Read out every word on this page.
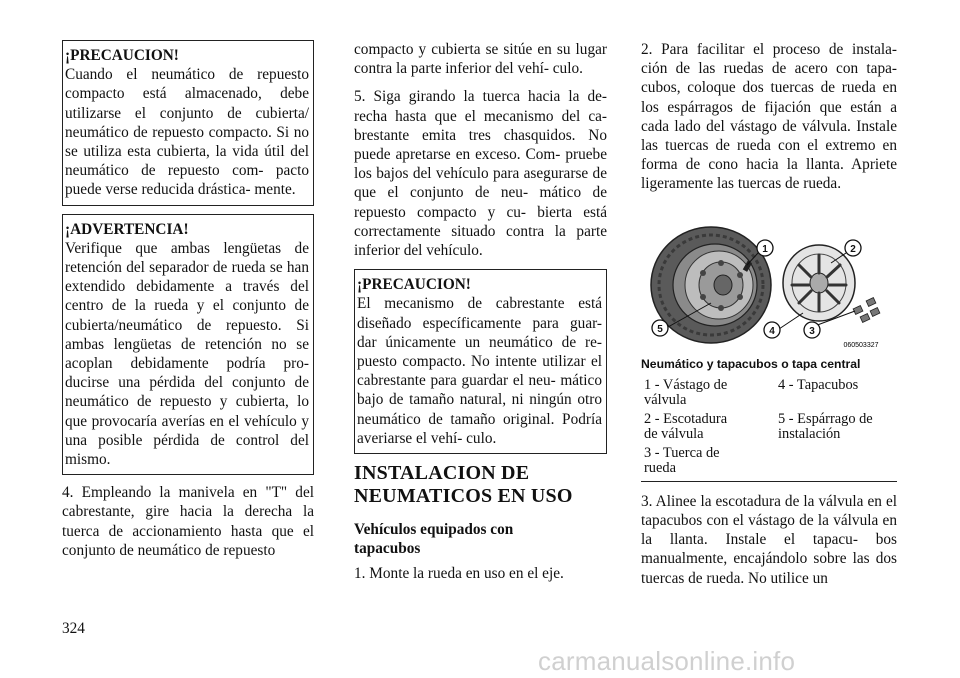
¡PRECAUCION!
Cuando el neumático de repuesto compacto está almacenado, debe utilizarse el conjunto de cubierta/ neumático de repuesto compacto. Si no se utiliza esta cubierta, la vida útil del neumático de repuesto com- pacto puede verse reducida drástica- mente.
¡ADVERTENCIA!
Verifique que ambas lengüetas de retención del separador de rueda se han extendido debidamente a través del centro de la rueda y el conjunto de cubierta/neumático de repuesto. Si ambas lengüetas de retención no se acoplan debidamente podría pro- ducirse una pérdida del conjunto de neumático de repuesto y cubierta, lo que provocaría averías en el vehículo y una posible pérdida de control del mismo.

4. Empleando la manivela en "T" del cabrestante, gire hacia la derecha la tuerca de accionamiento hasta que el conjunto de neumático de repuesto

compacto y cubierta se sitúe en su lugar contra la parte inferior del vehí- culo.

5. Siga girando la tuerca hacia la de- recha hasta que el mecanismo del ca- brestante emita tres chasquidos. No puede apretarse en exceso. Com- pruebe los bajos del vehículo para asegurarse de que el conjunto de neu- mático de repuesto compacto y cu- bierta está correctamente situado contra la parte inferior del vehículo.

¡PRECAUCION!
El mecanismo de cabrestante está diseñado específicamente para guar- dar únicamente un neumático de re- puesto compacto. No intente utilizar el cabrestante para guardar el neu- mático bajo de tamaño natural, ni ningún otro neumático de tamaño original. Podría averiarse el vehí- culo.
INSTALACION DE
NEUMATICOS EN USO
Vehículos equipados con
tapacubos

1. Monte la rueda en uso en el eje.

2. Para facilitar el proceso de instala- ción de las ruedas de acero con tapa- cubos, coloque dos tuercas de rueda en los espárragos de fijación que están a cada lado del vástago de válvula. Instale las tuercas de rueda con el extremo en forma de cono hacia la llanta. Apriete ligeramente las tuercas de rueda.

1	2
3
4
5
060503327
Neumático y tapacubos o tapa central
1 - Vástago de
válvula
4 - Tapacubos
2 - Escotadura
de válvula
5 - Espárrago de
instalación
3 - Tuerca de
rueda

3. Alinee la escotadura de la válvula en el tapacubos con el vástago de la válvula en la llanta. Instale el tapacu- bos manualmente, encajándolo sobre las dos tuercas de rueda. No utilice un

324
carmanualsonline.info
